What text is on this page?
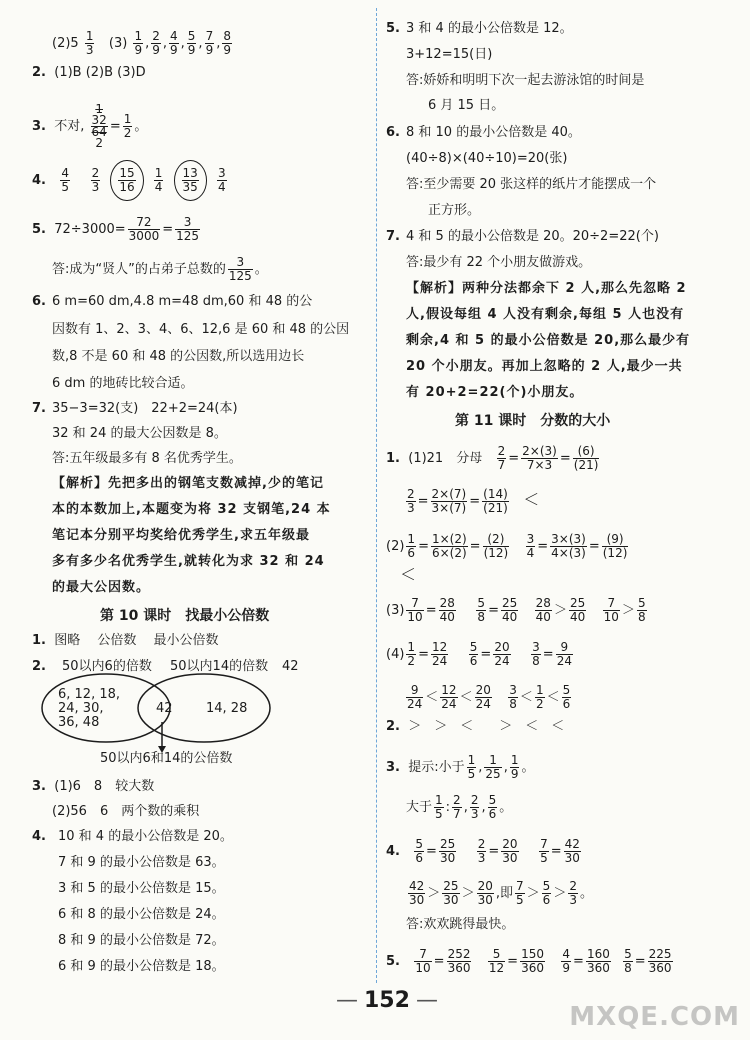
$(2)5 \frac{1}{3} (3) \frac{1}{9}$ , $\frac{2}{9}$ , $\frac{4}{9}$ , $\frac{5}{9}$ , $\frac{7}{9}$ , $\frac{8}{9}$
2. (1)B (2)B (3)D
3. 不对,
1
32
64
2
= $\frac{1}{2}$ 。
4. $\frac{4}{5}$
$\frac{2}{3}$
$\frac{15}{16}$
$\frac{1}{4}$
$\frac{13}{35}$
$\frac{3}{4}$
5. $72\div 3000= \frac{72}{3000} = \frac{3}{125}$
答:成为“贤人”的占弟子总数的 $\frac{3}{125}$ 。
6. 6 m=60 dm,4.8 m=48 dm,60 和 48 的公
因数有 1、2、3、4、6、12,6 是 60 和 48 的公因
数,8 不是 60 和 48 的公因数,所以选用边长
6 dm 的地砖比较合适。
7. 35−3=32(支)　22+2=24(本)
32 和 24 的最大公因数是 8。
答:五年级最多有 8 名优秀学生。
【解析】先把多出的钢笔支数减掉,少的笔记
本的本数加上,本题变为将 32 支钢笔,24 本
笔记本分别平均奖给优秀学生,求五年级最
多有多少名优秀学生,就转化为求 32 和 24
的最大公因数。
第 10 课时　找最小公倍数
1. 图略　 公倍数　 最小公倍数
2. 50以内6的倍数 50以内14的倍数 42
6, 12, 18,
24, 30,
36, 48
42	14, 28
50以内6和14的公倍数
3. (1)6　8　较大数
(2)56　6　两个数的乘积
4. 10 和 4 的最小公倍数是 20。
7 和 9 的最小公倍数是 63。
3 和 5 的最小公倍数是 15。
6 和 8 的最小公倍数是 24。
8 和 9 的最小公倍数是 72。
6 和 9 的最小公倍数是 18。
5. 3 和 4 的最小公倍数是 12。
3+12=15(日)
答:娇娇和明明下次一起去游泳馆的时间是
6 月 15 日。
6. 8 和 10 的最小公倍数是 40。
(40÷8)×(40÷10)=20(张)
答:至少需要 20 张这样的纸片才能摆成一个
正方形。
7. 4 和 5 的最小公倍数是 20。20÷2=22(个)
答:最少有 22 个小朋友做游戏。
【解析】两种分法都余下 2 人,那么先忽略 2
人,假设每组 4 人没有剩余,每组 5 人也没有
剩余,4 和 5 的最小公倍数是 20,那么最少有
20 个小朋友。再加上忽略的 2 人,最少一共
有 20+2=22(个)小朋友。
第 11 课时　分数的大小
1. (1)21　分母 $\frac{2}{7} = \frac{2\times(3)}{7\times 3} = \frac{(6)}{(21)}$
$\frac{2}{3} = \frac{2\times(7)}{3\times(7)} = \frac{(14)}{(21)}$ ＜
$(2) \frac{1}{6} = \frac{1\times(2)}{6\times(2)} = \frac{(2)}{(12)}$
$\frac{3}{4} = \frac{3\times(3)}{4\times(3)} = \frac{(9)}{(12)}$
＜
$(3) \frac{7}{10} = \frac{28}{40}$
$\frac{5}{8} = \frac{25}{40}$
$\frac{28}{40} > \frac{25}{40}$
$\frac{7}{10} > \frac{5}{8}$
$(4) \frac{1}{2} = \frac{12}{24}$
$\frac{5}{6} = \frac{20}{24}$
$\frac{3}{8} = \frac{9}{24}$
$\frac{9}{24} < \frac{12}{24} < \frac{20}{24}$
$\frac{3}{8} < \frac{1}{2} < \frac{5}{6}$
2. ＞　＞　＜　　＞　＜　＜
3. 提示:小于 $\frac{1}{5}$ , $\frac{1}{25}$ , $\frac{1}{9}$ 。
大于 $\frac{1}{5}$ : $\frac{2}{7}$ , $\frac{2}{3}$ , $\frac{5}{6}$ 。
4. $\frac{5}{6} = \frac{25}{30}$
$\frac{2}{3} = \frac{20}{30}$
$\frac{7}{5} = \frac{42}{30}$
$\frac{42}{30} > \frac{25}{30} > \frac{20}{30}$ ,即 $\frac{7}{5} > \frac{5}{6} > \frac{2}{3}$ 。
答:欢欢跳得最快。
5. $\frac{7}{10} = \frac{252}{360}$
$\frac{5}{12} = \frac{150}{360}$
$\frac{4}{9} = \frac{160}{360}$
$\frac{5}{8} = \frac{225}{360}$
— 152 —
MXQE.COM
